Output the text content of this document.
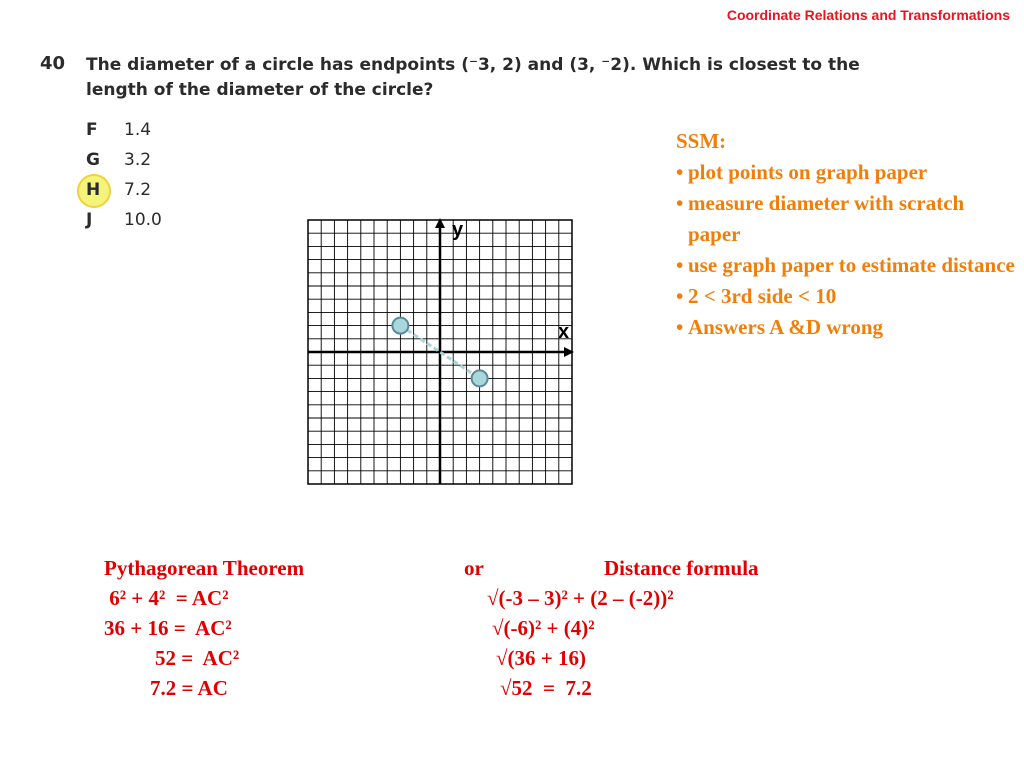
Coordinate Relations and Transformations
40 The diameter of a circle has endpoints (⁻3, 2) and (3, ⁻2). Which is closest to the length of the diameter of the circle?
F 1.4
G 3.2
H 7.2
J	10.0	y
x
SSM:
• plot points on graph paper
• measure diameter with scratch paper
• use graph paper to estimate distance
• 2 < 3rd side < 10
• Answers A &D wrong
Pythagorean Theorem	or	Distance formula
6² + 4²  = AC²
36 + 16 =  AC²
52 =  AC²
7.2 = AC
√(-3 – 3)² + (2 – (-2))²
√(-6)² + (4)²
√(36 + 16)
√52  =  7.2
